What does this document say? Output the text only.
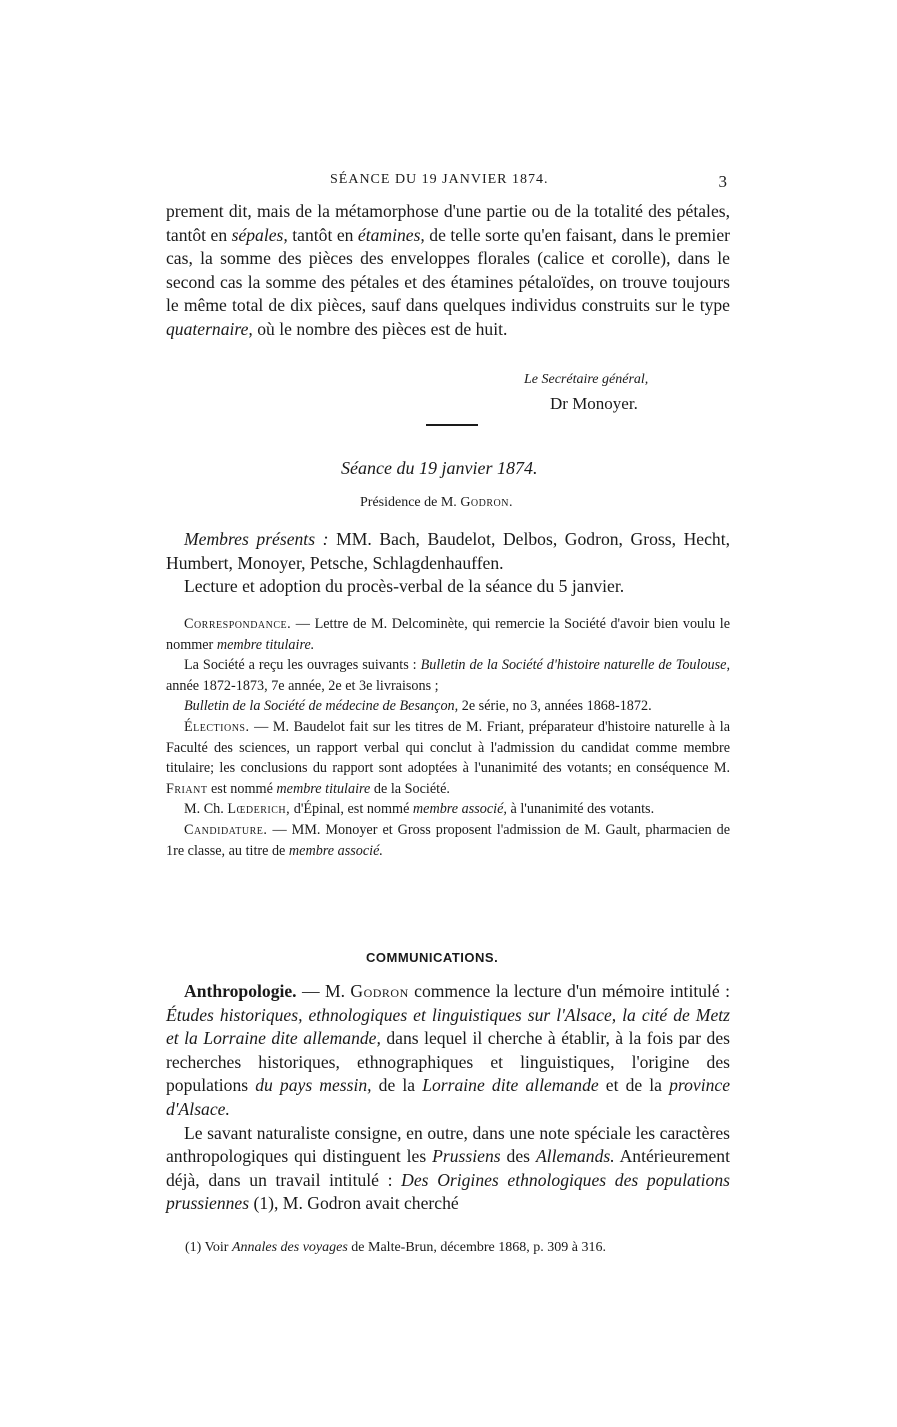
SÉANCE DU 19 JANVIER 1874.	3

prement dit, mais de la métamorphose d'une partie ou de la totalité des pétales, tantôt en sépales, tantôt en étamines, de telle sorte qu'en faisant, dans le premier cas, la somme des pièces des enveloppes florales (calice et corolle), dans le second cas la somme des pétales et des étamines pétaloïdes, on trouve toujours le même total de dix pièces, sauf dans quelques individus construits sur le type quaternaire, où le nombre des pièces est de huit.

Le Secrétaire général,
Dr Monoyer.
Séance du 19 janvier 1874.
Présidence de M. Godron.

Membres présents : MM. Bach, Baudelot, Delbos, Godron, Gross, Hecht, Humbert, Monoyer, Petsche, Schlagdenhauffen.

Lecture et adoption du procès-verbal de la séance du 5 janvier.

Correspondance. — Lettre de M. Delcominète, qui remercie la Société d'avoir bien voulu le nommer membre titulaire.

La Société a reçu les ouvrages suivants : Bulletin de la Société d'histoire naturelle de Toulouse, année 1872-1873, 7e année, 2e et 3e livraisons ;

Bulletin de la Société de médecine de Besançon, 2e série, no 3, années 1868-1872.

Élections. — M. Baudelot fait sur les titres de M. Friant, préparateur d'histoire naturelle à la Faculté des sciences, un rapport verbal qui conclut à l'admission du candidat comme membre titulaire; les conclusions du rapport sont adoptées à l'unanimité des votants; en conséquence M. Friant est nommé membre titulaire de la Société.

M. Ch. Lœderich, d'Épinal, est nommé membre associé, à l'unanimité des votants.

Candidature. — MM. Monoyer et Gross proposent l'admission de M. Gault, pharmacien de 1re classe, au titre de membre associé.

COMMUNICATIONS.

Anthropologie. — M. Godron commence la lecture d'un mémoire intitulé : Études historiques, ethnologiques et linguistiques sur l'Alsace, la cité de Metz et la Lorraine dite allemande, dans lequel il cherche à établir, à la fois par des recherches historiques, ethnographiques et linguistiques, l'origine des populations du pays messin, de la Lorraine dite allemande et de la province d'Alsace.

Le savant naturaliste consigne, en outre, dans une note spéciale les caractères anthropologiques qui distinguent les Prussiens des Allemands. Antérieurement déjà, dans un travail intitulé : Des Origines ethnologiques des populations prussiennes (1), M. Godron avait cherché

(1) Voir Annales des voyages de Malte-Brun, décembre 1868, p. 309 à 316.
